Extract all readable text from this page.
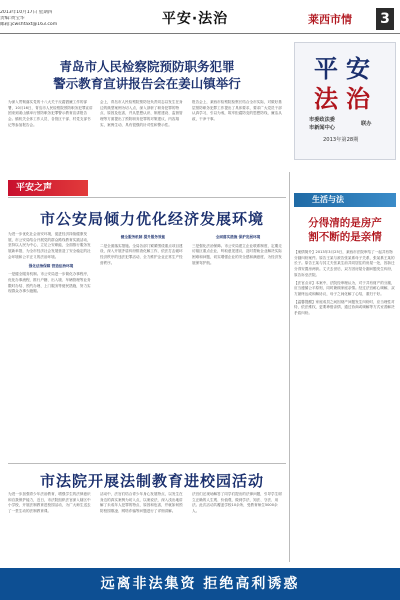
2013年10月17日 星期四
责编:黄宝华
邮箱:jcwshfaxt@163.com	平安·法治	莱西市情 3
青岛市人民检察院预防职务犯罪
警示教育宣讲报告会在姜山镇举行
为深入贯彻落实党的十八大关于反腐倡廉工作的部署，10月16日，青岛市人民检察院预防职务犯罪宣讲团来到姜山镇举行预防职务犯罪警示教育宣讲报告会。镇机关全体工作人员、各管区干部、村党支部书记等参加报告会。
会上，青岛市人民检察院预防处负责同志以发生在身边的典型案例为切入点，深入剖析了职务犯罪的特点、原因及危害，并从思想认识、制度建设、监督管理等方面提出了预防职务犯罪的对策建议，内容翔实，案例生动，具有很强的针对性和警示性。
报告会上，莱西市检察院检察长结合全市实际，对做好基层预防职务犯罪工作提出了具体要求，要求广大党员干部认真学习，引以为戒，筑牢拒腐防变的思想防线，廉洁从政，干净干事。
平安
法治
市委政法委
市新闻中心
联办
2013年第28期
平安之声
生活与法
市公安局倾力优化经济发展环境

为进一步优化社会治安环境，促进经济持续健康发展，市公安局结合开展党的群众路线教育实践活动，坚持以人民为中心，立足公安职能，全面推行服务发展新举措，为全市经济社会发展营造了安全稳定的社会环境和公平正义的法治环境。

强化法治保障 营造法治环境

一是健全服务机制。市公安局进一步简化办事程序，优化办事流程，推行户籍、出入境、车辆管理等业务限时办结、预约办理、上门服务等便民措施，努力实现群众办事少跑腿。

健全服务机制 提升服务效能

二是全面落实措施。全局各部门紧紧围绕重点项目建设，深入开展矛盾纠纷排查化解工作，依法打击破坏经济秩序的违法犯罪活动，全力维护企业正常生产经营秩序。

全面落实措施 保护发展环境

三是强化法治保障。市公安局建立企业联系制度，定期走访辖区重点企业，听取意见建议，及时帮助企业解决实际困难和问题，切实增强企业的安全感和满意度，为经济发展保驾护航。

分得清的是房产
割不断的是亲情

【案情简介】2013年3月25日，莱西市法院审结了一起共有物分割纠纷案件。原告王某与被告张某系母子关系，张某系王某的长子。原告王某与其丈夫张某生前共同居住的房屋一处，因拆迁分得安置房两套。丈夫去世后，双方因房屋分割问题发生纠纷，原告诉至法院。

【法官点评】本案中，法院经审理认为，对于共有财产的分割，应当遵循公平原则，同时兼顾家庭亲情。经过法官耐心调解，双方最终达成和解协议，母子之间化解了心结，重归于好。

【温馨提醒】家庭成员之间因财产问题发生纠纷时，应当理性对待，依法维权，更要珍惜亲情，通过协商或调解等方式妥善解决矛盾纠纷。

市法院开展法制教育进校园活动
为进一步加强青少年法治教育，增强学生的法律意识和自我保护能力，近日，市法院组织法官深入辖区中小学校，开展法制教育进校园活动，为广大师生送去了一堂生动的法制教育课。
活动中，法官们结合青少年身心发展特点，以发生在身边的真实案例为切入点，以案说法，深入浅出地讲解了未成年人犯罪的特点、原因和危害，并就如何预防校园欺凌、网络诈骗等问题进行了详细讲解。
法官们还现场解答了同学们提出的法律问题，引导学生树立正确的人生观、价值观，做到学法、知法、守法、用法。此次活动共覆盖学校10余所，受教育师生5000余人。
远离非法集资 拒绝高利诱惑
